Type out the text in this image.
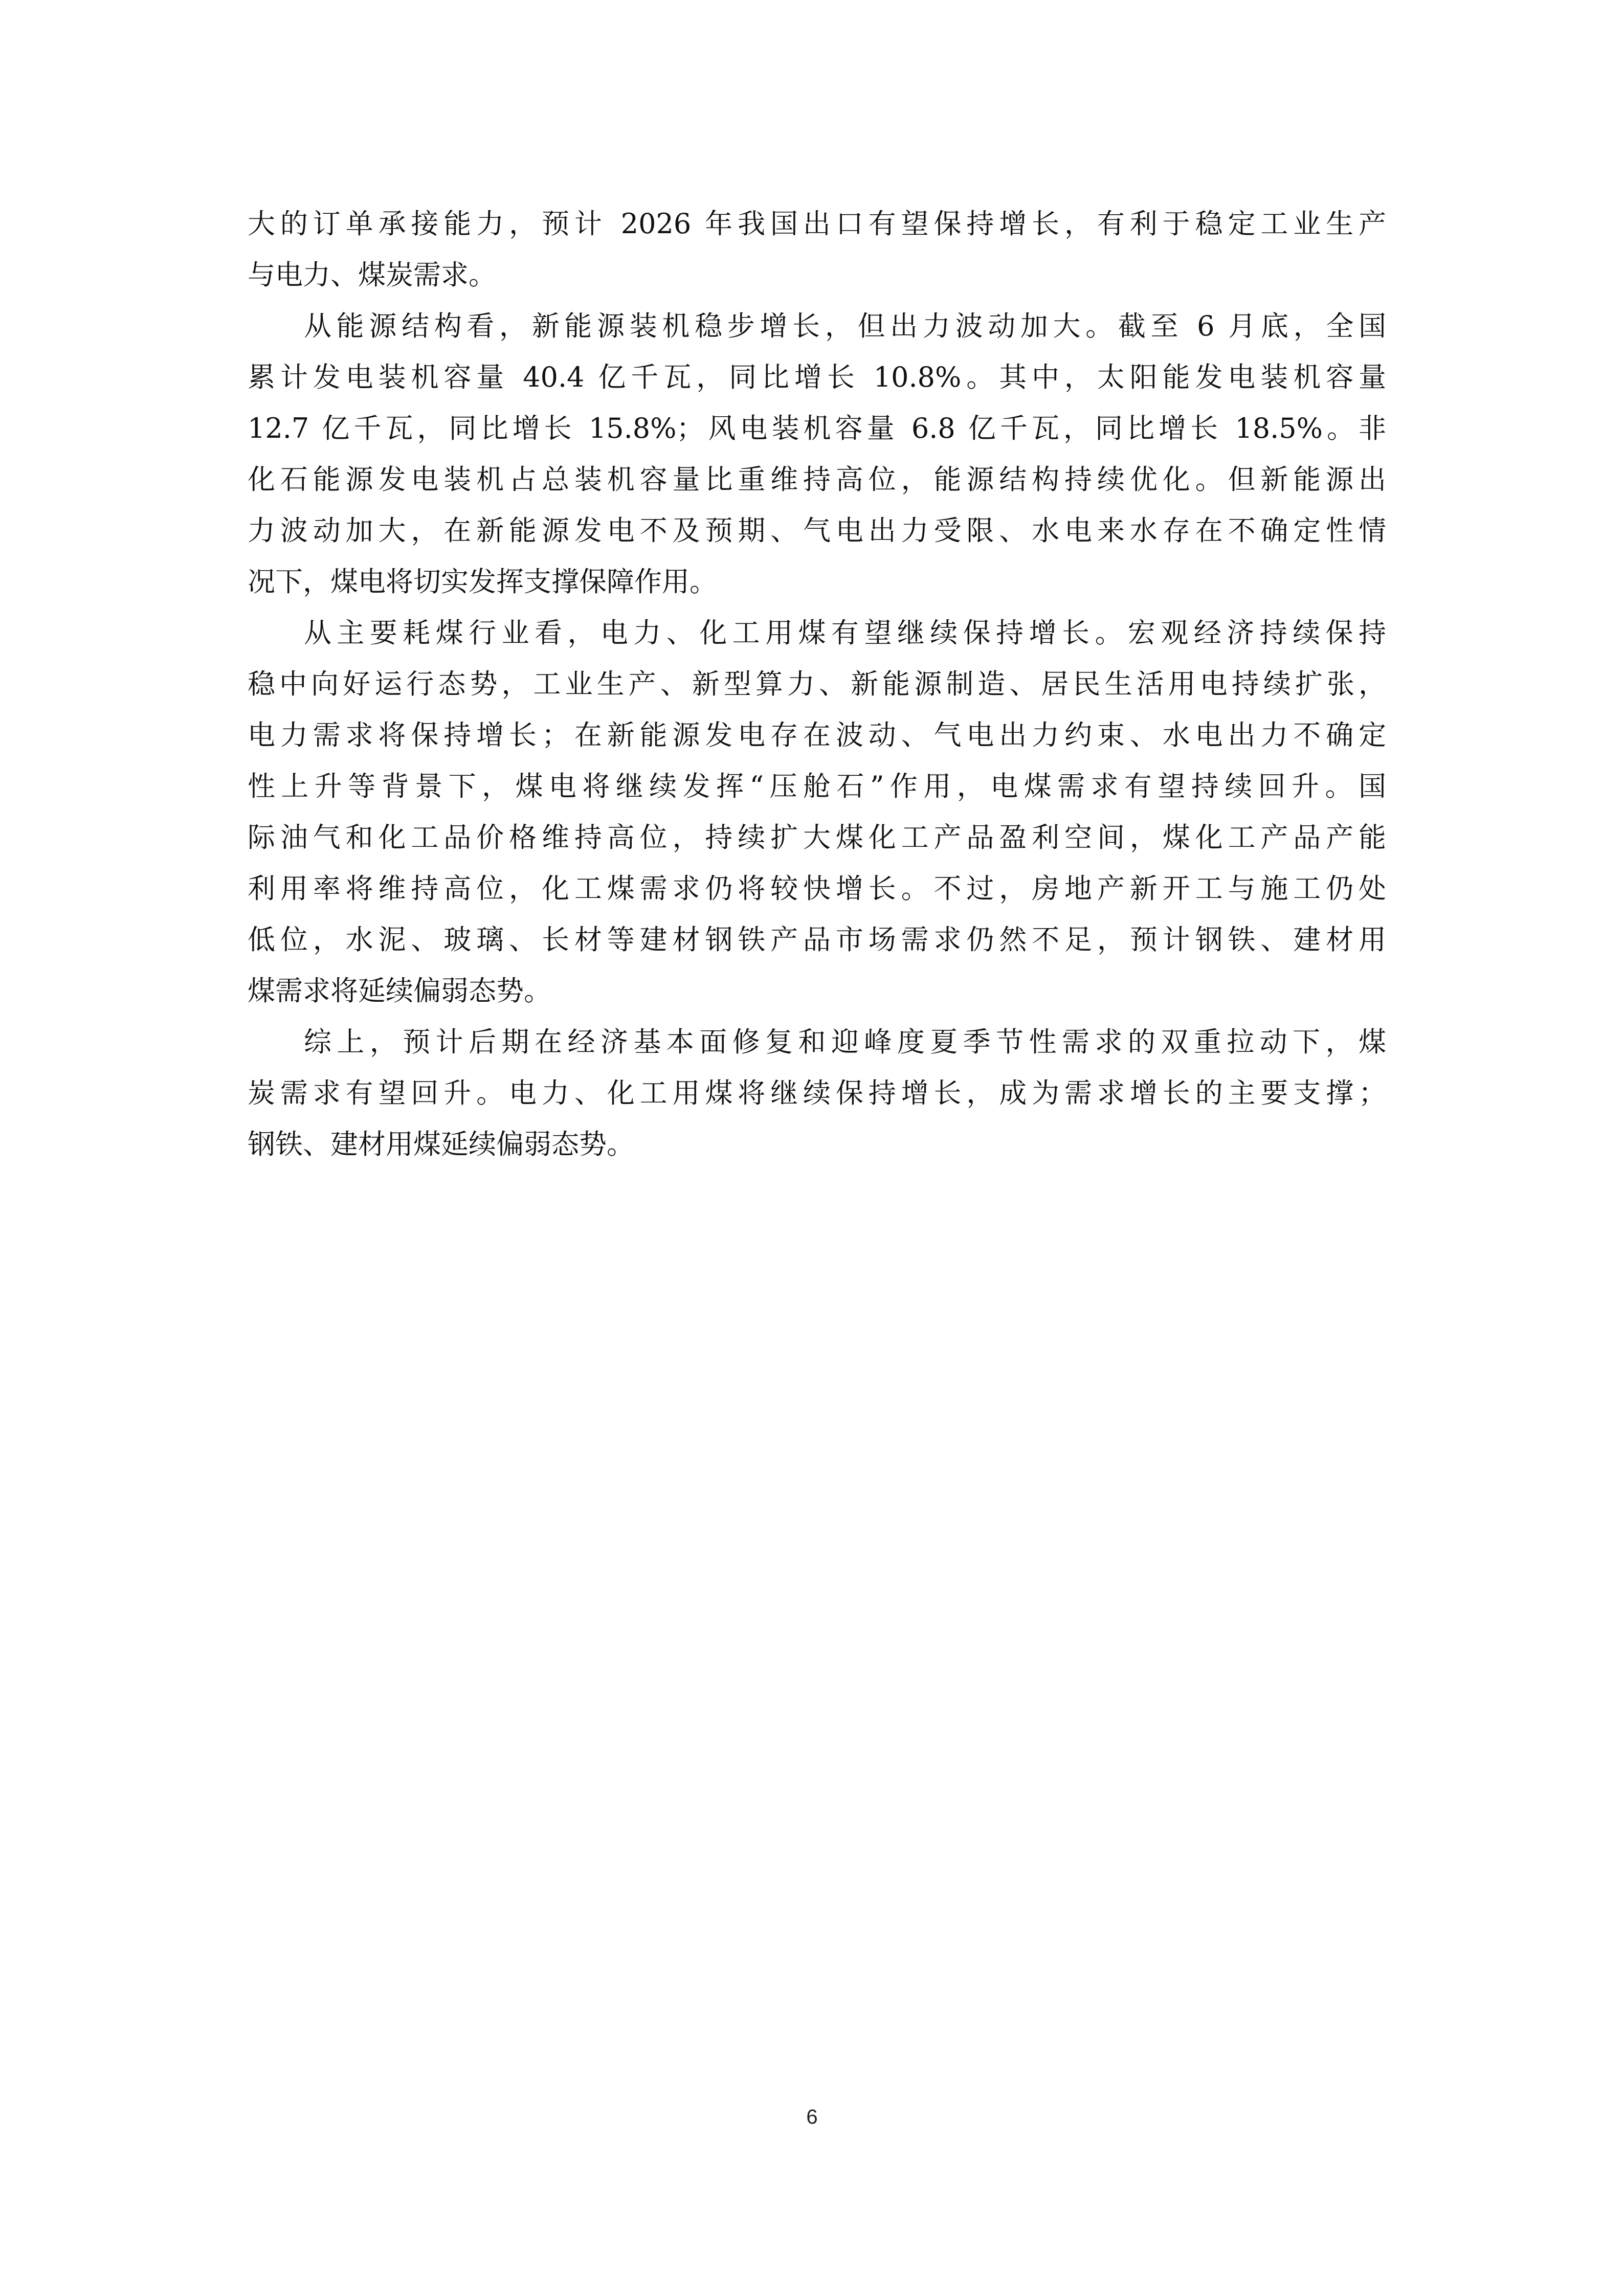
大的订单承接能力，预计 2026 年我国出口有望保持增长，有利于稳定工业生产
与电力、煤炭需求。
从能源结构看，新能源装机稳步增长，但出力波动加大。截至 6 月底，全国
累计发电装机容量 40.4 亿千瓦，同比增长 10.8%。其中，太阳能发电装机容量
12.7 亿千瓦，同比增长 15.8%；风电装机容量 6.8 亿千瓦，同比增长 18.5%。非
化石能源发电装机占总装机容量比重维持高位，能源结构持续优化。但新能源出
力波动加大，在新能源发电不及预期、气电出力受限、水电来水存在不确定性情
况下，煤电将切实发挥支撑保障作用。
从主要耗煤行业看，电力、化工用煤有望继续保持增长。宏观经济持续保持
稳中向好运行态势，工业生产、新型算力、新能源制造、居民生活用电持续扩张，
电力需求将保持增长；在新能源发电存在波动、气电出力约束、水电出力不确定
性上升等背景下，煤电将继续发挥“压舱石”作用，电煤需求有望持续回升。国
际油气和化工品价格维持高位，持续扩大煤化工产品盈利空间，煤化工产品产能
利用率将维持高位，化工煤需求仍将较快增长。不过，房地产新开工与施工仍处
低位，水泥、玻璃、长材等建材钢铁产品市场需求仍然不足，预计钢铁、建材用
煤需求将延续偏弱态势。
综上，预计后期在经济基本面修复和迎峰度夏季节性需求的双重拉动下，煤
炭需求有望回升。电力、化工用煤将继续保持增长，成为需求增长的主要支撑；
钢铁、建材用煤延续偏弱态势。
6
